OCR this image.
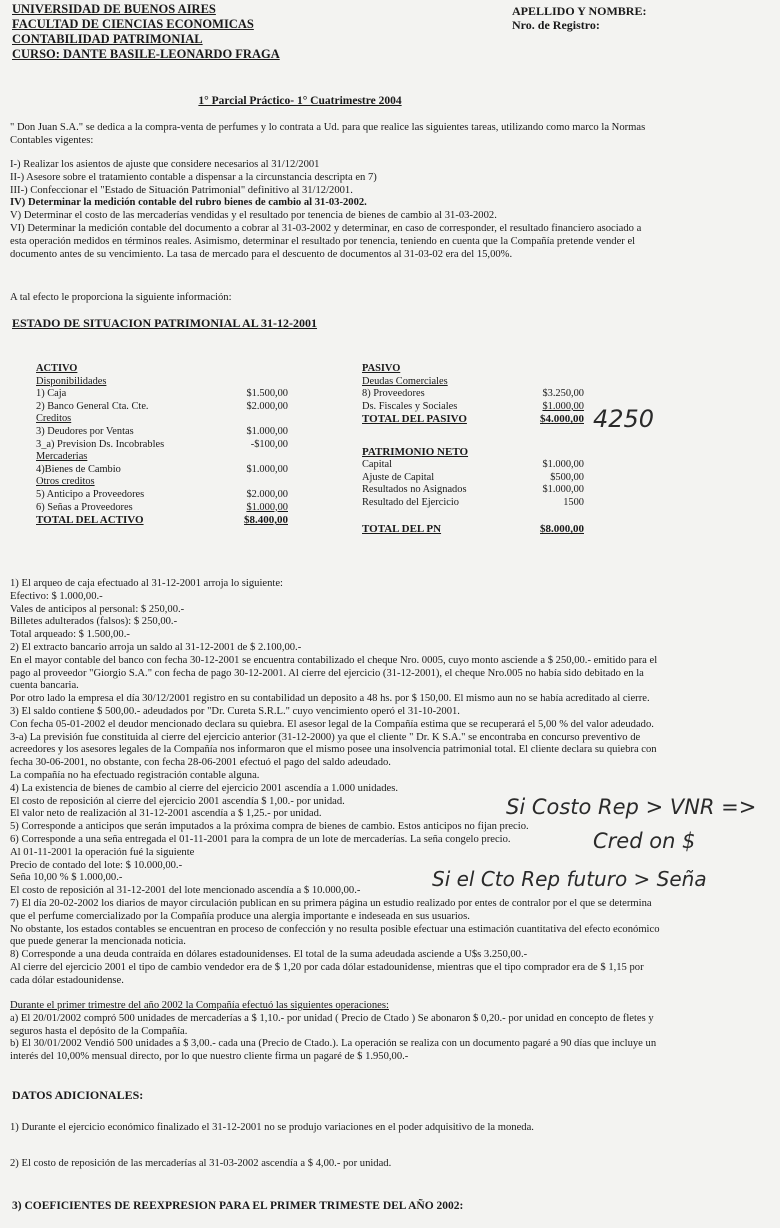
UNIVERSIDAD DE BUENOS AIRES
FACULTAD DE CIENCIAS ECONOMICAS
CONTABILIDAD PATRIMONIAL
CURSO: DANTE BASILE-LEONARDO FRAGA
APELLIDO Y NOMBRE:
Nro. de Registro:
1° Parcial Práctico- 1° Cuatrimestre 2004
" Don Juan S.A." se dedica a la compra-venta de perfumes y lo contrata a Ud. para que realice las siguientes tareas, utilizando como marco la Normas
Contables vigentes:
I-) Realizar los asientos de ajuste que considere necesarios al 31/12/2001
II-) Asesore sobre el tratamiento contable a dispensar a la circunstancia descripta en 7)
III-) Confeccionar el "Estado de Situación Patrimonial" definitivo al 31/12/2001.
IV) Determinar la medición contable del rubro bienes de cambio al 31-03-2002.
V) Determinar el costo de las mercaderías vendidas y el resultado por tenencia de bienes de cambio al 31-03-2002.
VI) Determinar la medición contable del documento a cobrar al 31-03-2002 y determinar, en caso de corresponder, el resultado financiero asociado a
esta operación medidos en términos reales. Asimismo, determinar el resultado por tenencia, teniendo en cuenta que la Compañía pretende vender el
documento antes de su vencimiento. La tasa de mercado para el descuento de documentos al 31-03-02 era del 15,00%.
A tal efecto le proporciona la siguiente información:
ESTADO DE SITUACION PATRIMONIAL AL 31-12-2001
ACTIVO
Disponibilidades
1) Caja	$1.500,00
2) Banco General Cta. Cte.	$2.000,00
Creditos
3) Deudores por Ventas	$1.000,00
3_a) Prevision Ds. Incobrables	-$100,00
Mercaderias
4)Bienes de Cambio	$1.000,00
Otros creditos
5) Anticipo a Proveedores	$2.000,00
6) Señas a Proveedores	$1.000,00
TOTAL DEL ACTIVO	$8.400,00
PASIVO
Deudas Comerciales
8) Proveedores	$3.250,00
Ds. Fiscales y Sociales	$1.000,00
TOTAL DEL PASIVO	$4.000,00
PATRIMONIO NETO
Capital	$1.000,00
Ajuste de Capital	$500,00
Resultados no Asignados	$1.000,00
Resultado del Ejercicio	1500
TOTAL DEL PN	$8.000,00
4250
1) El arqueo de caja efectuado al 31-12-2001 arroja lo siguiente:
Efectivo: $ 1.000,00.-
Vales de anticipos al personal: $ 250,00.-
Billetes adulterados (falsos): $ 250,00.-
Total arqueado: $ 1.500,00.-
2) El extracto bancario arroja un saldo al 31-12-2001 de $ 2.100,00.-
En el mayor contable del banco con fecha 30-12-2001 se encuentra contabilizado el cheque Nro. 0005, cuyo monto asciende a $ 250,00.- emitido para el
pago al proveedor "Giorgio S.A." con fecha de pago 30-12-2001. Al cierre del ejercicio (31-12-2001), el cheque Nro.005 no había sido debitado en la
cuenta bancaria.
Por otro lado la empresa el día 30/12/2001 registro en su contabilidad un deposito a 48 hs. por $ 150,00. El mismo aun no se había acreditado al cierre.
3) El saldo contiene $ 500,00.- adeudados por "Dr. Cureta S.R.L." cuyo vencimiento operó el 31-10-2001.
Con fecha 05-01-2002 el deudor mencionado declara su quiebra. El asesor legal de la Compañía estima que se recuperará el 5,00 % del valor adeudado.
3-a) La previsión fue constituida al cierre del ejercicio anterior (31-12-2000) ya que el cliente " Dr. K S.A." se encontraba en concurso preventivo de
acreedores y los asesores legales de la Compañía nos informaron que el mismo posee una insolvencia patrimonial total. El cliente declara su quiebra con
fecha 30-06-2001, no obstante, con fecha 28-06-2001 efectuó el pago del saldo adeudado.
La compañía no ha efectuado registración contable alguna.
4) La existencia de bienes de cambio al cierre del ejercicio 2001 ascendía a 1.000 unidades.
El costo de reposición al cierre del ejercicio 2001 ascendía $ 1,00.- por unidad.
El valor neto de realización al 31-12-2001 ascendía a $ 1,25.- por unidad.
5) Corresponde a anticipos que serán imputados a la próxima compra de bienes de cambio. Estos anticipos no fijan precio.
6) Corresponde a una seña entregada el 01-11-2001 para la compra de un lote de mercaderías. La seña congelo precio.
Al 01-11-2001 la operación fué la siguiente
Precio de contado del lote: $ 10.000,00.-
Seña 10,00 % $ 1.000,00.-
El costo de reposición al 31-12-2001 del lote mencionado ascendía a $ 10.000,00.-
7) El día 20-02-2002 los diarios de mayor circulación publican en su primera página un estudio realizado por entes de contralor por el que se determina
que el perfume comercializado por la Compañía produce una alergia importante e indeseada en sus usuarios.
No obstante, los estados contables se encuentran en proceso de confección y no resulta posible efectuar una estimación cuantitativa del efecto económico
que puede generar la mencionada noticia.
8) Corresponde a una deuda contraída en dólares estadounidenses. El total de la suma adeudada asciende a U$s 3.250,00.-
Al cierre del ejercicio 2001 el tipo de cambio vendedor era de $ 1,20 por cada dólar estadounidense, mientras que el tipo comprador era de $ 1,15 por
cada dólar estadounidense.
Si Costo Rep > VNR =>
Cred on $
Si el Cto Rep futuro > Seña
Durante el primer trimestre del año 2002 la Compañía efectuó las siguientes operaciones:
a) El 20/01/2002 compró 500 unidades de mercaderías a $ 1,10.- por unidad ( Precio de Ctado ) Se abonaron $ 0,20.- por unidad en concepto de fletes y
seguros hasta el depósito de la Compañía.
b) El 30/01/2002 Vendió 500 unidades a $ 3,00.- cada una (Precio de Ctado.). La operación se realiza con un documento pagaré a 90 días que incluye un
interés del 10,00% mensual directo, por lo que nuestro cliente firma un pagaré de $ 1.950,00.-
DATOS ADICIONALES:
1) Durante el ejercicio económico finalizado el 31-12-2001 no se produjo variaciones en el poder adquisitivo de la moneda.
2) El costo de reposición de las mercaderías al 31-03-2002 ascendía a $ 4,00.- por unidad.
3) COEFICIENTES DE REEXPRESION PARA EL PRIMER TRIMESTE DEL AÑO 2002:
